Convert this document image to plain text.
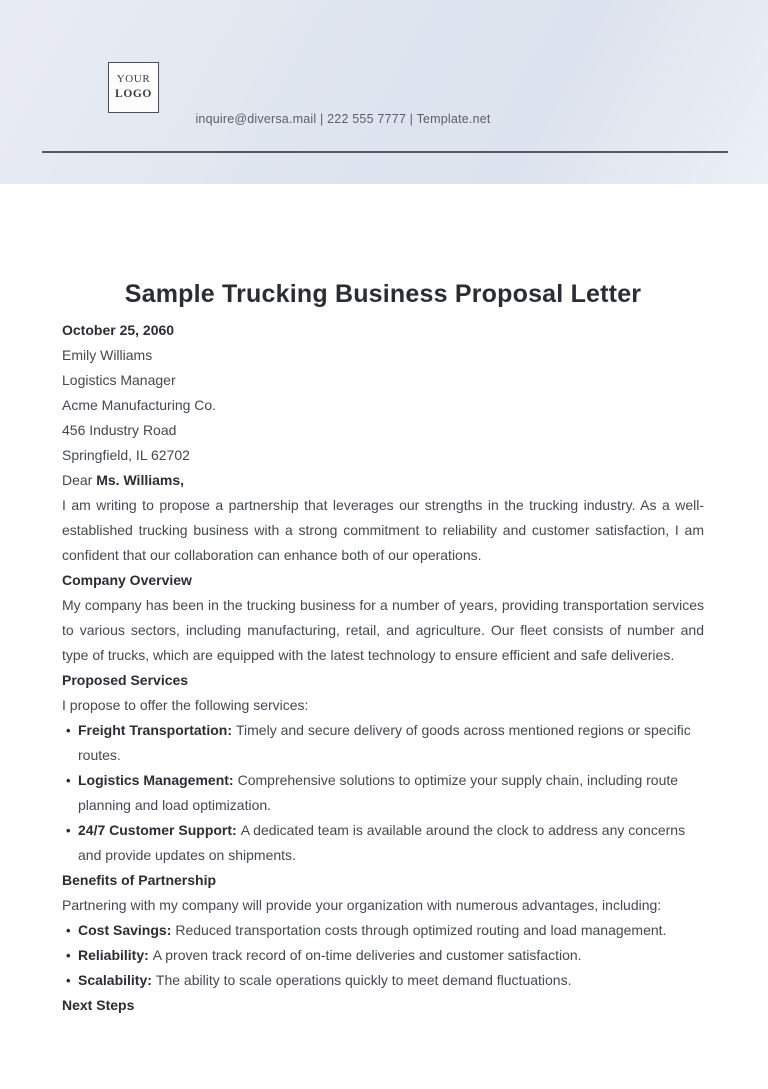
YOUR
LOGO
inquire@diversa.mail | 222 555 7777 | Template.net
Sample Trucking Business Proposal Letter

October 25, 2060

Emily Williams

Logistics Manager

Acme Manufacturing Co.

456 Industry Road

Springfield, IL 62702

Dear Ms. Williams,

I am writing to propose a partnership that leverages our strengths in the trucking industry. As a well-established trucking business with a strong commitment to reliability and customer satisfaction, I am confident that our collaboration can enhance both of our operations.

Company Overview

My company has been in the trucking business for a number of years, providing transportation services to various sectors, including manufacturing, retail, and agriculture. Our fleet consists of number and type of trucks, which are equipped with the latest technology to ensure efficient and safe deliveries.

Proposed Services

I propose to offer the following services:

•
Freight Transportation: Timely and secure delivery of goods across mentioned regions or specific routes.
•
Logistics Management: Comprehensive solutions to optimize your supply chain, including route planning and load optimization.
•
24/7 Customer Support: A dedicated team is available around the clock to address any concerns and provide updates on shipments.

Benefits of Partnership

Partnering with my company will provide your organization with numerous advantages, including:

•
Cost Savings: Reduced transportation costs through optimized routing and load management.
•
Reliability: A proven track record of on-time deliveries and customer satisfaction.
•
Scalability: The ability to scale operations quickly to meet demand fluctuations.

Next Steps
